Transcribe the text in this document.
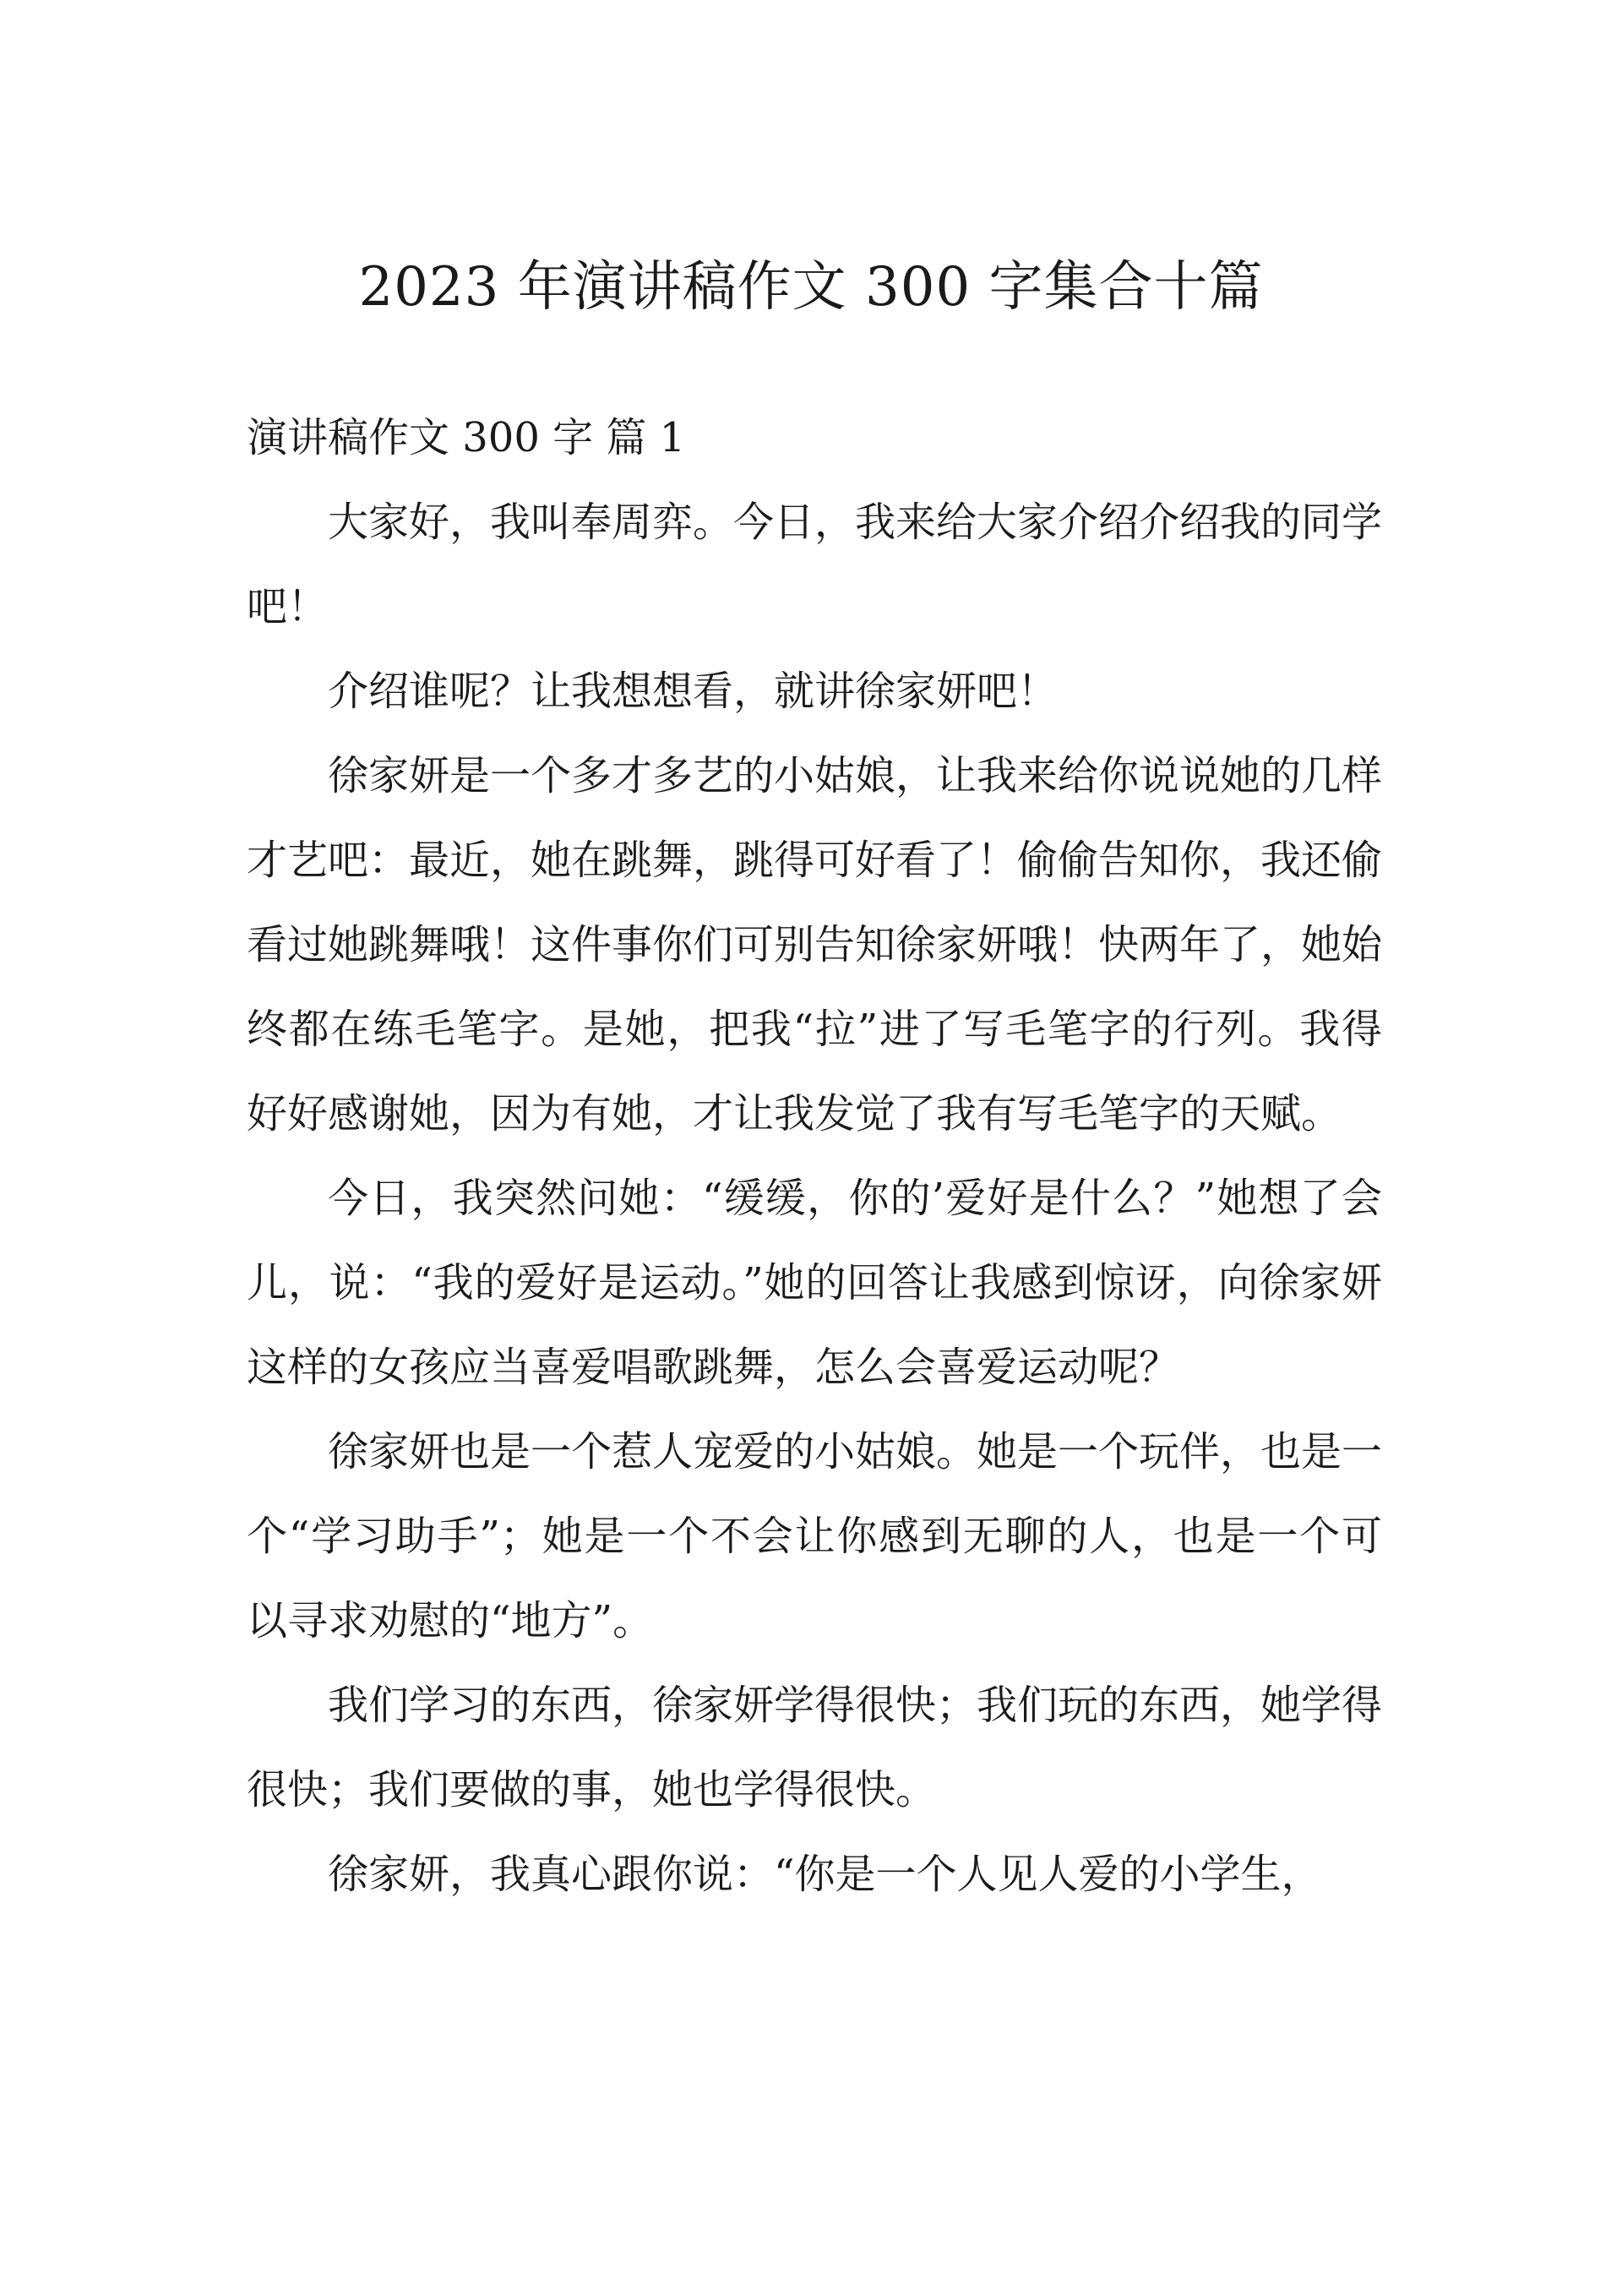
2023 年演讲稿作文 300 字集合十篇

演讲稿作文 300 字 篇 1

大家好，我叫奉周弈。今日，我来给大家介绍介绍我的同学吧！

介绍谁呢？让我想想看，就讲徐家妍吧！

徐家妍是一个多才多艺的小姑娘，让我来给你说说她的几样才艺吧：最近，她在跳舞，跳得可好看了！偷偷告知你，我还偷看过她跳舞哦！这件事你们可别告知徐家妍哦！快两年了，她始终都在练毛笔字。是她，把我“拉”进了写毛笔字的行列。我得好好感谢她，因为有她，才让我发觉了我有写毛笔字的天赋。

今日，我突然问她：“缓缓，你的’爱好是什么？”她想了会儿，说：“我的爱好是运动。”她的回答让我感到惊讶，向徐家妍这样的女孩应当喜爱唱歌跳舞，怎么会喜爱运动呢？

徐家妍也是一个惹人宠爱的小姑娘。她是一个玩伴，也是一个“学习助手”；她是一个不会让你感到无聊的人，也是一个可以寻求劝慰的“地方”。

我们学习的东西，徐家妍学得很快；我们玩的东西，她学得很快；我们要做的事，她也学得很快。

徐家妍，我真心跟你说：“你是一个人见人爱的小学生，
